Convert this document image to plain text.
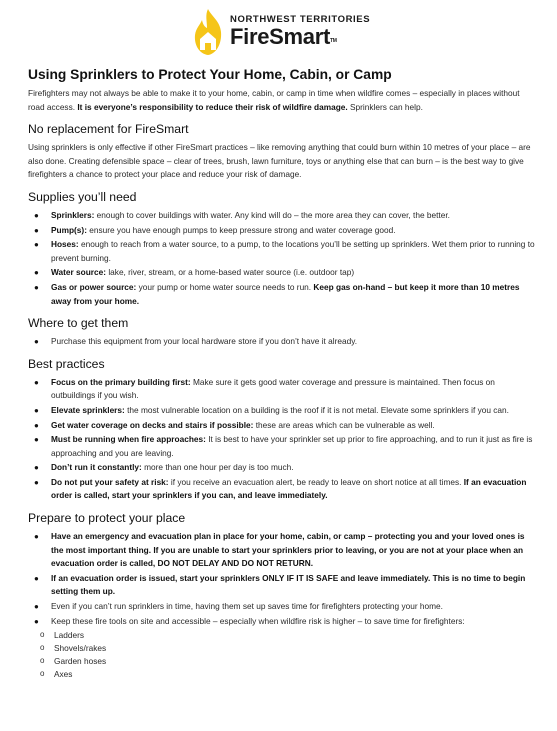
NORTHWEST TERRITORIES
FireSmart™
Using Sprinklers to Protect Your Home, Cabin, or Camp

Firefighters may not always be able to make it to your home, cabin, or camp in time when wildfire comes – especially in places without road access. It is everyone’s responsibility to reduce their risk of wildfire damage. Sprinklers can help.

No replacement for FireSmart

Using sprinklers is only effective if other FireSmart practices – like removing anything that could burn within 10 metres of your place – are also done. Creating defensible space – clear of trees, brush, lawn furniture, toys or anything else that can burn – is the best way to give firefighters a chance to protect your place and reduce your risk of damage.

Supplies you’ll need
● Sprinklers: enough to cover buildings with water. Any kind will do – the more area they can cover, the better.
● Pump(s): ensure you have enough pumps to keep pressure strong and water coverage good.
● Hoses: enough to reach from a water source, to a pump, to the locations you’ll be setting up sprinklers. Wet them prior to running to prevent burning.
● Water source: lake, river, stream, or a home-based water source (i.e. outdoor tap)
● Gas or power source: your pump or home water source needs to run. Keep gas on-hand – but keep it more than 10 metres away from your home.
Where to get them
● Purchase this equipment from your local hardware store if you don’t have it already.
Best practices
● Focus on the primary building first: Make sure it gets good water coverage and pressure is maintained. Then focus on outbuildings if you wish.
● Elevate sprinklers: the most vulnerable location on a building is the roof if it is not metal. Elevate some sprinklers if you can.
● Get water coverage on decks and stairs if possible: these are areas which can be vulnerable as well.
● Must be running when fire approaches: It is best to have your sprinkler set up prior to fire approaching, and to run it just as fire is approaching and you are leaving.
● Don’t run it constantly: more than one hour per day is too much.
● Do not put your safety at risk: if you receive an evacuation alert, be ready to leave on short notice at all times. If an evacuation order is called, start your sprinklers if you can, and leave immediately.
Prepare to protect your place
● Have an emergency and evacuation plan in place for your home, cabin, or camp – protecting you and your loved ones is the most important thing. If you are unable to start your sprinklers prior to leaving, or you are not at your place when an evacuation order is called, DO NOT DELAY AND DO NOT RETURN.
● If an evacuation order is issued, start your sprinklers ONLY IF IT IS SAFE and leave immediately. This is no time to begin setting them up.
● Even if you can’t run sprinklers in time, having them set up saves time for firefighters protecting your home.
● Keep these fire tools on site and accessible – especially when wildfire risk is higher – to save time for firefighters:
o Ladders
o Shovels/rakes
o Garden hoses
o Axes
